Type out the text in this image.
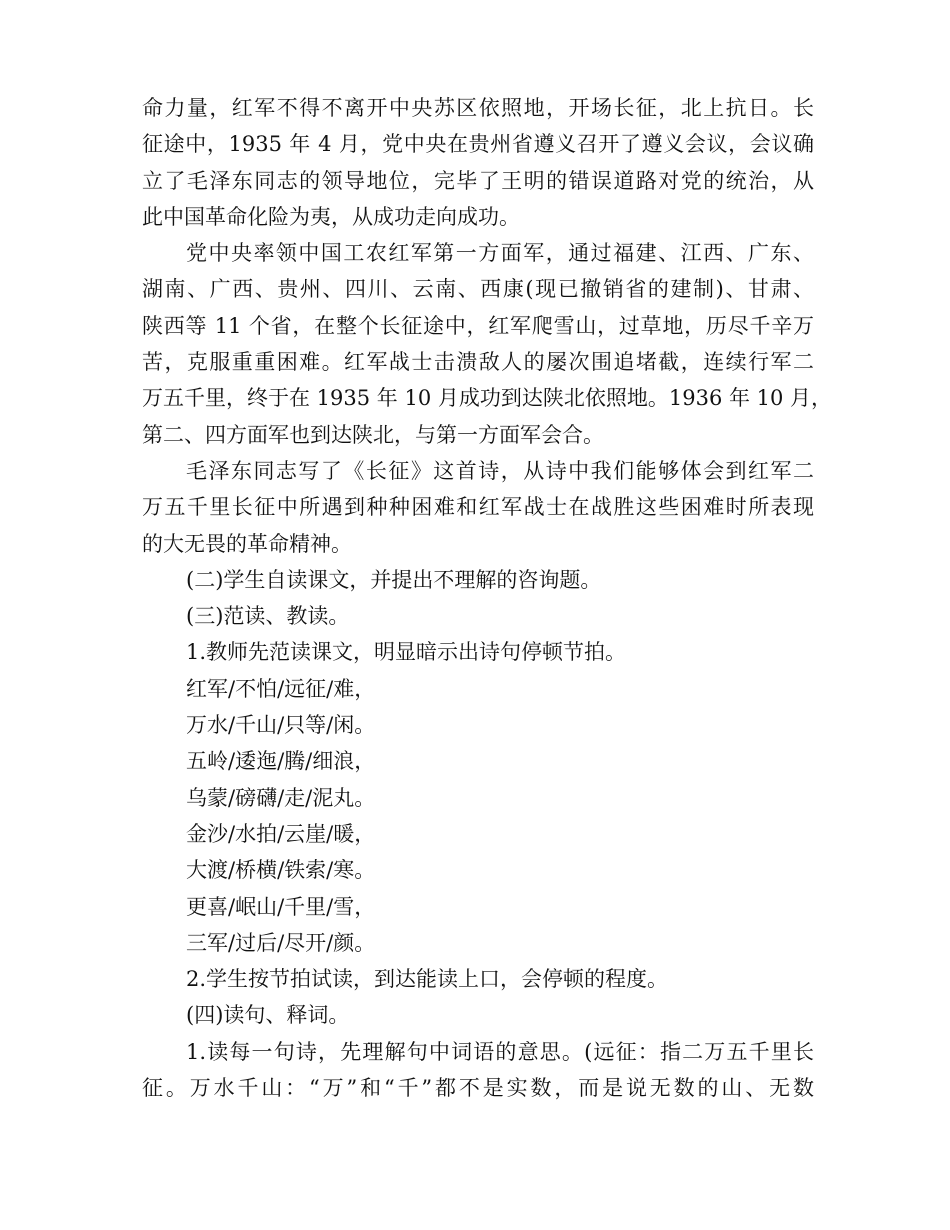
命力量，红军不得不离开中央苏区依照地，开场长征，北上抗日。长
征途中，1935 年 4 月，党中央在贵州省遵义召开了遵义会议，会议确
立了毛泽东同志的领导地位，完毕了王明的错误道路对党的统治，从
此中国革命化险为夷，从成功走向成功。
党中央率领中国工农红军第一方面军，通过福建、江西、广东、
湖南、广西、贵州、四川、云南、西康(现已撤销省的建制)、甘肃、
陕西等 11 个省，在整个长征途中，红军爬雪山，过草地，历尽千辛万
苦，克服重重困难。红军战士击溃敌人的屡次围追堵截，连续行军二
万五千里，终于在 1935 年 10 月成功到达陕北依照地。1936 年 10 月，
第二、四方面军也到达陕北，与第一方面军会合。
毛泽东同志写了《长征》这首诗，从诗中我们能够体会到红军二
万五千里长征中所遇到种种困难和红军战士在战胜这些困难时所表现
的大无畏的革命精神。
(二)学生自读课文，并提出不理解的咨询题。
(三)范读、教读。
1.教师先范读课文，明显暗示出诗句停顿节拍。
红军/不怕/远征/难，
万水/千山/只等/闲。
五岭/逶迤/腾/细浪，
乌蒙/磅礴/走/泥丸。
金沙/水拍/云崖/暖，
大渡/桥横/铁索/寒。
更喜/岷山/千里/雪，
三军/过后/尽开/颜。
2.学生按节拍试读，到达能读上口，会停顿的程度。
(四)读句、释词。
1.读每一句诗，先理解句中词语的意思。(远征：指二万五千里长
征。万水千山：“万”和“千”都不是实数，而是说无数的山、无数
